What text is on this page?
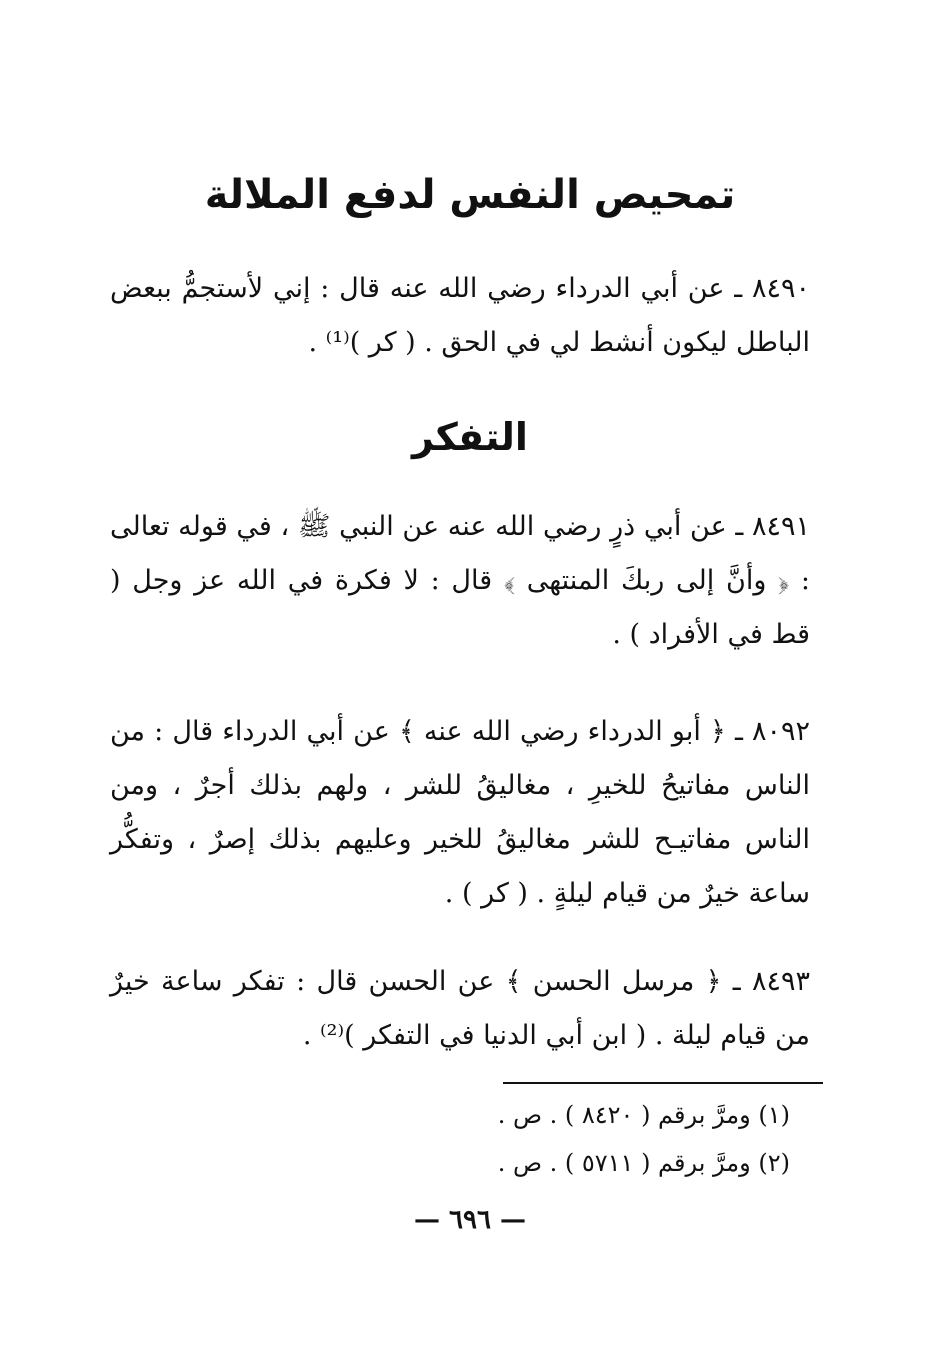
تمحيص النفس لدفع الملالة
٨٤٩٠ ـ عن أبي الدرداء رضي الله عنه قال : إني لأستجمُّ ببعض الباطل ليكون أنشط لي في الحق . ( كر )⁽¹⁾ .
التفكر
٨٤٩١ ـ عن أبي ذرٍ رضي الله عنه عن النبي ﷺ ، في قوله تعالى : ﴿ وأنَّ إلى ربكَ المنتهى ﴾ قال : لا فكرة في الله عز وجل ( قط في الأفراد ) .
٨٠٩٢ ـ ﴿ أبو الدرداء رضي الله عنه ﴾ عن أبي الدرداء قال : من الناس مفاتيحُ للخيرِ ، مغاليقُ للشر ، ولهم بذلك أجرٌ ، ومن الناس مفاتيـح للشر مغاليقُ للخير وعليهم بذلك إصرٌ ، وتفكُّر ساعة خيرٌ من قيام ليلةٍ . ( كر ) .
٨٤٩٣ ـ ﴿ مرسل الحسن ﴾ عن الحسن قال : تفكر ساعة خيرٌ من قيام ليلة . ( ابن أبي الدنيا في التفكر )⁽²⁾ .
(١) ومرَّ برقم ( ٨٤٢٠ ) . ص .
(٢) ومرَّ برقم ( ٥٧١١ ) . ص .
— ٦٩٦ —
